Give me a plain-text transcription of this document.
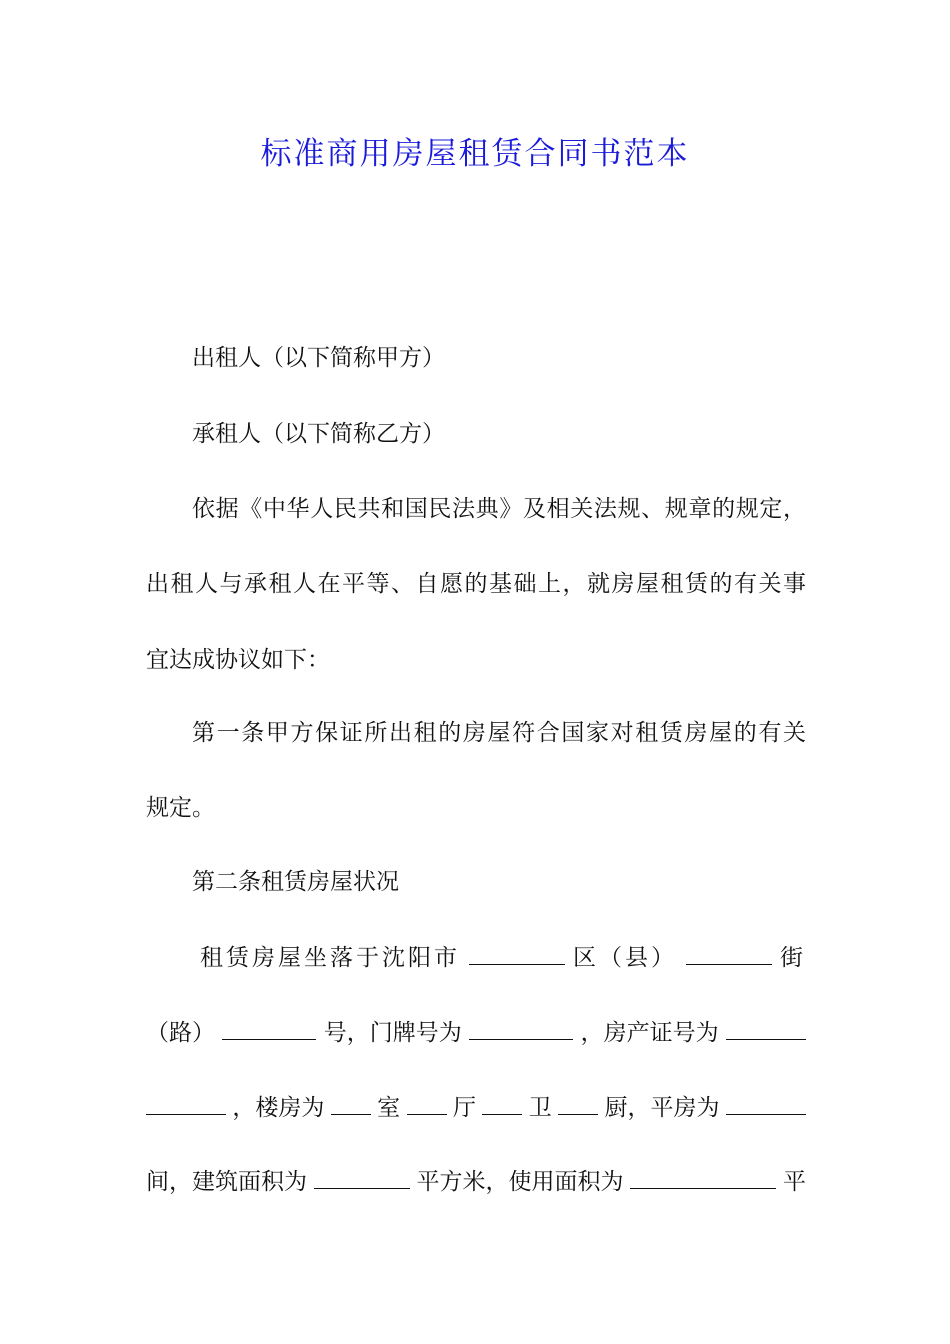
标准商用房屋租赁合同书范本
出租人（以下简称甲方）
承租人（以下简称乙方）
依据《中华人民共和国民法典》及相关法规、规章的规定，
出租人与承租人在平等、自愿的基础上，就房屋租赁的有关事
宜达成协议如下：
第一条甲方保证所出租的房屋符合国家对租赁房屋的有关
规定。
第二条租赁房屋状况
租赁房屋坐落于沈阳市	区（县）	街
（路）	号，门牌号为	，房产证号为
，楼房为 室 厅 卫 厨，平房为
间，建筑面积为	平方米，使用面积为	平
